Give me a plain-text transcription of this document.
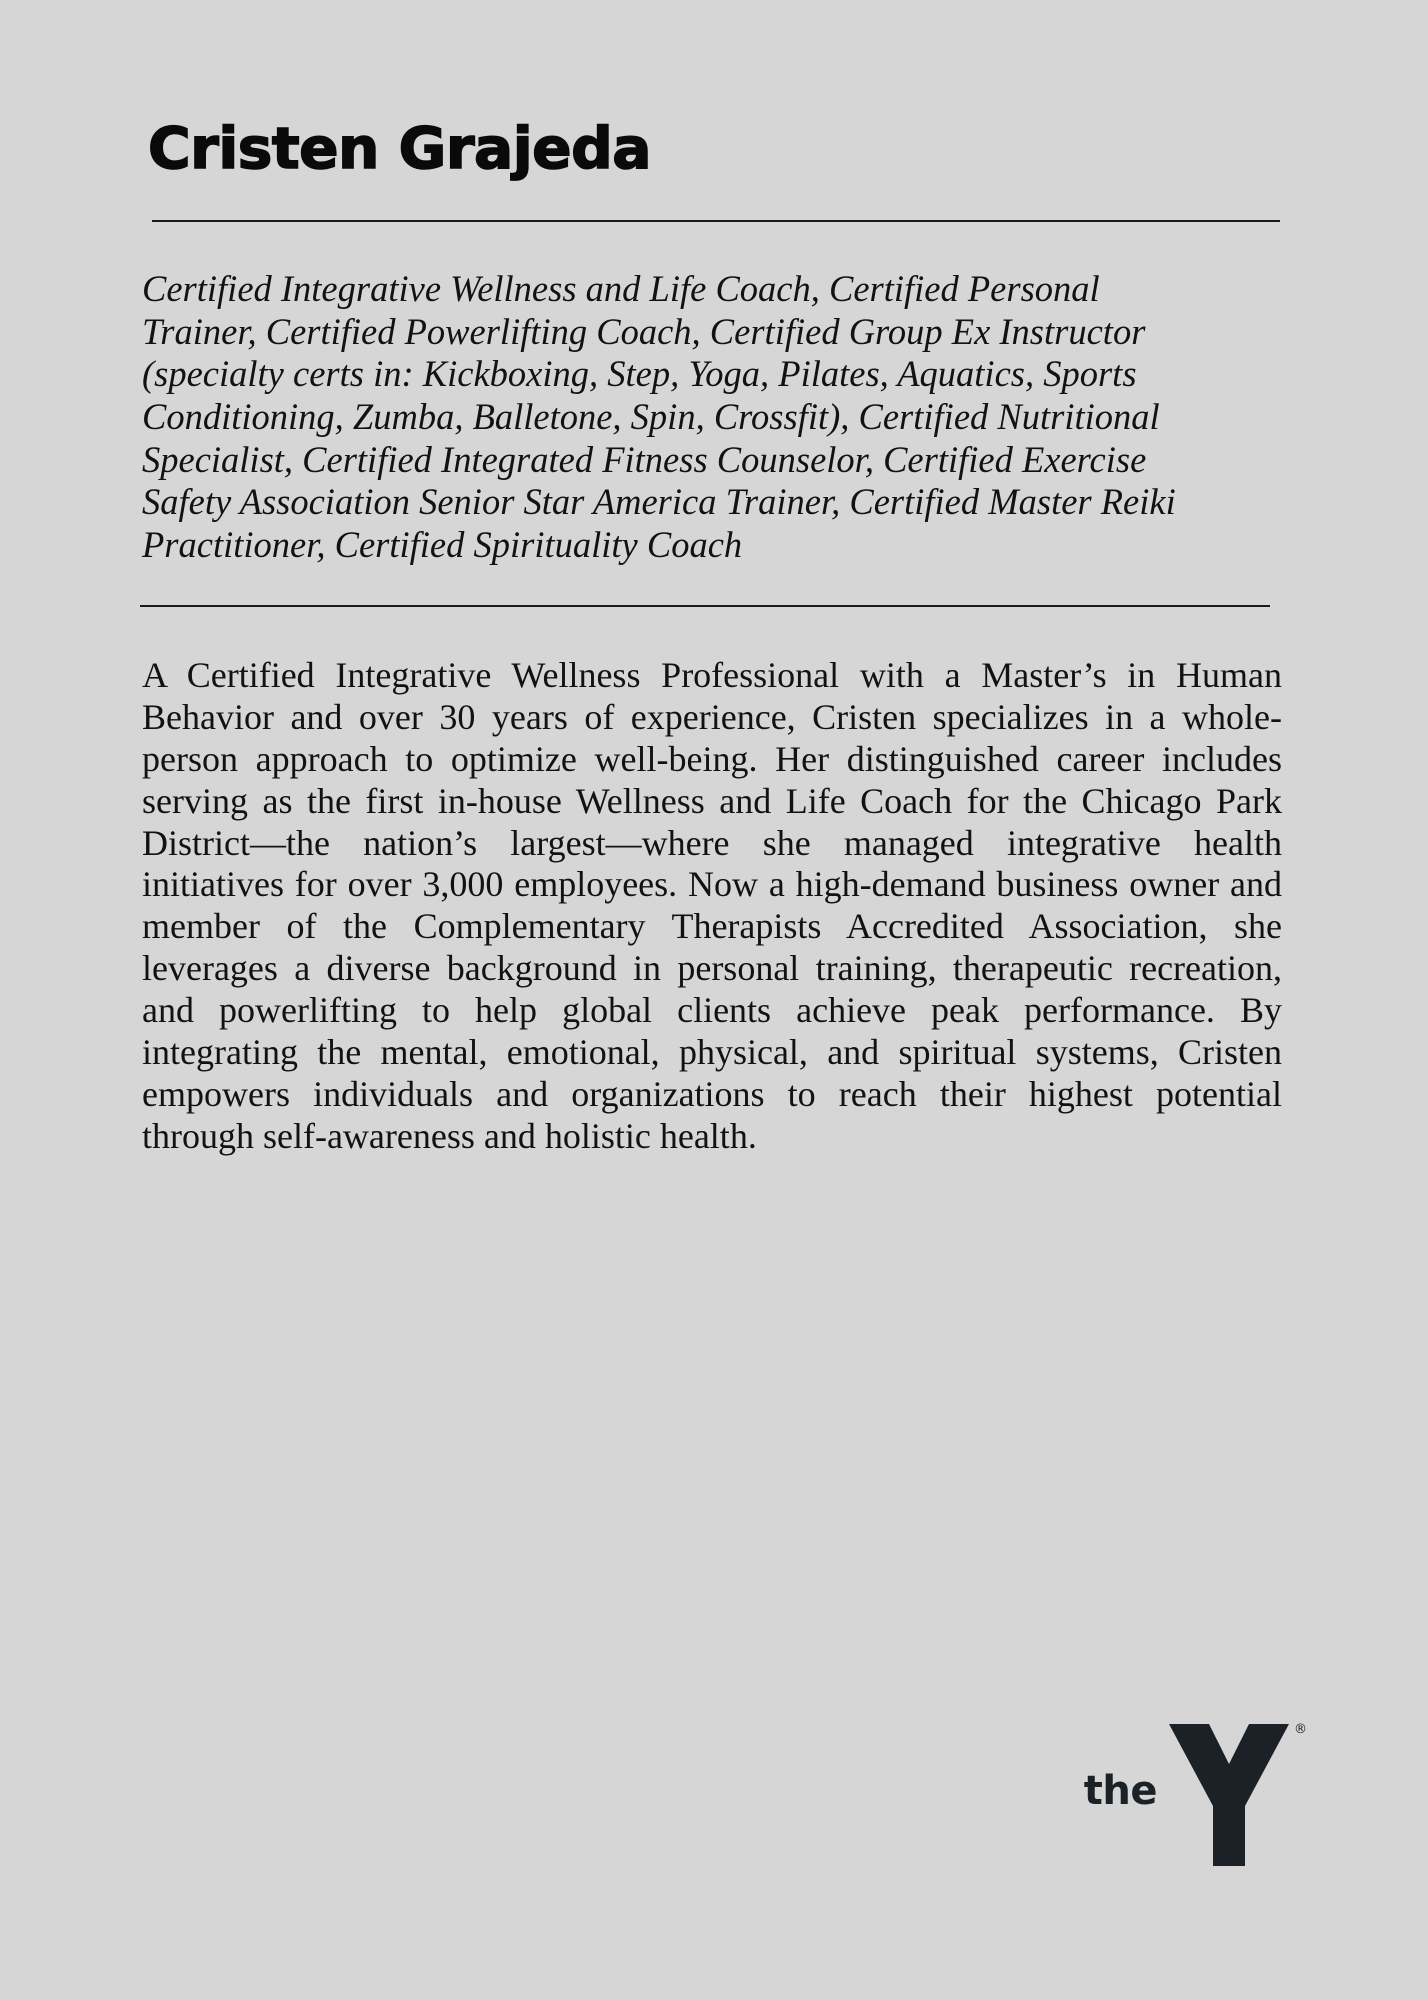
Cristen Grajeda

Certified Integrative Wellness and Life Coach, Certified Personal Trainer, Certified Powerlifting Coach, Certified Group Ex Instructor (specialty certs in: Kickboxing, Step, Yoga, Pilates, Aquatics, Sports Conditioning, Zumba, Balletone, Spin, Crossfit), Certified Nutritional Specialist, Certified Integrated Fitness Counselor, Certified Exercise Safety Association Senior Star America Trainer, Certified Master Reiki Practitioner, Certified Spirituality Coach

A Certified Integrative Wellness Professional with a Master’s in Human Behavior and over 30 years of experience, Cristen specializes in a whole-person approach to optimize well-being. Her distinguished career includes serving as the first in-house Wellness and Life Coach for the Chicago Park District—the nation’s largest—where she managed integrative health initiatives for over 3,000 employees. Now a high-demand business owner and member of the Complementary Therapists Accredited Association, she leverages a diverse background in personal training, therapeutic recreation, and powerlifting to help global clients achieve peak performance. By integrating the mental, emotional, physical, and spiritual systems, Cristen empowers individuals and organizations to reach their highest potential through self-awareness and holistic health.

the
®
YMCA
